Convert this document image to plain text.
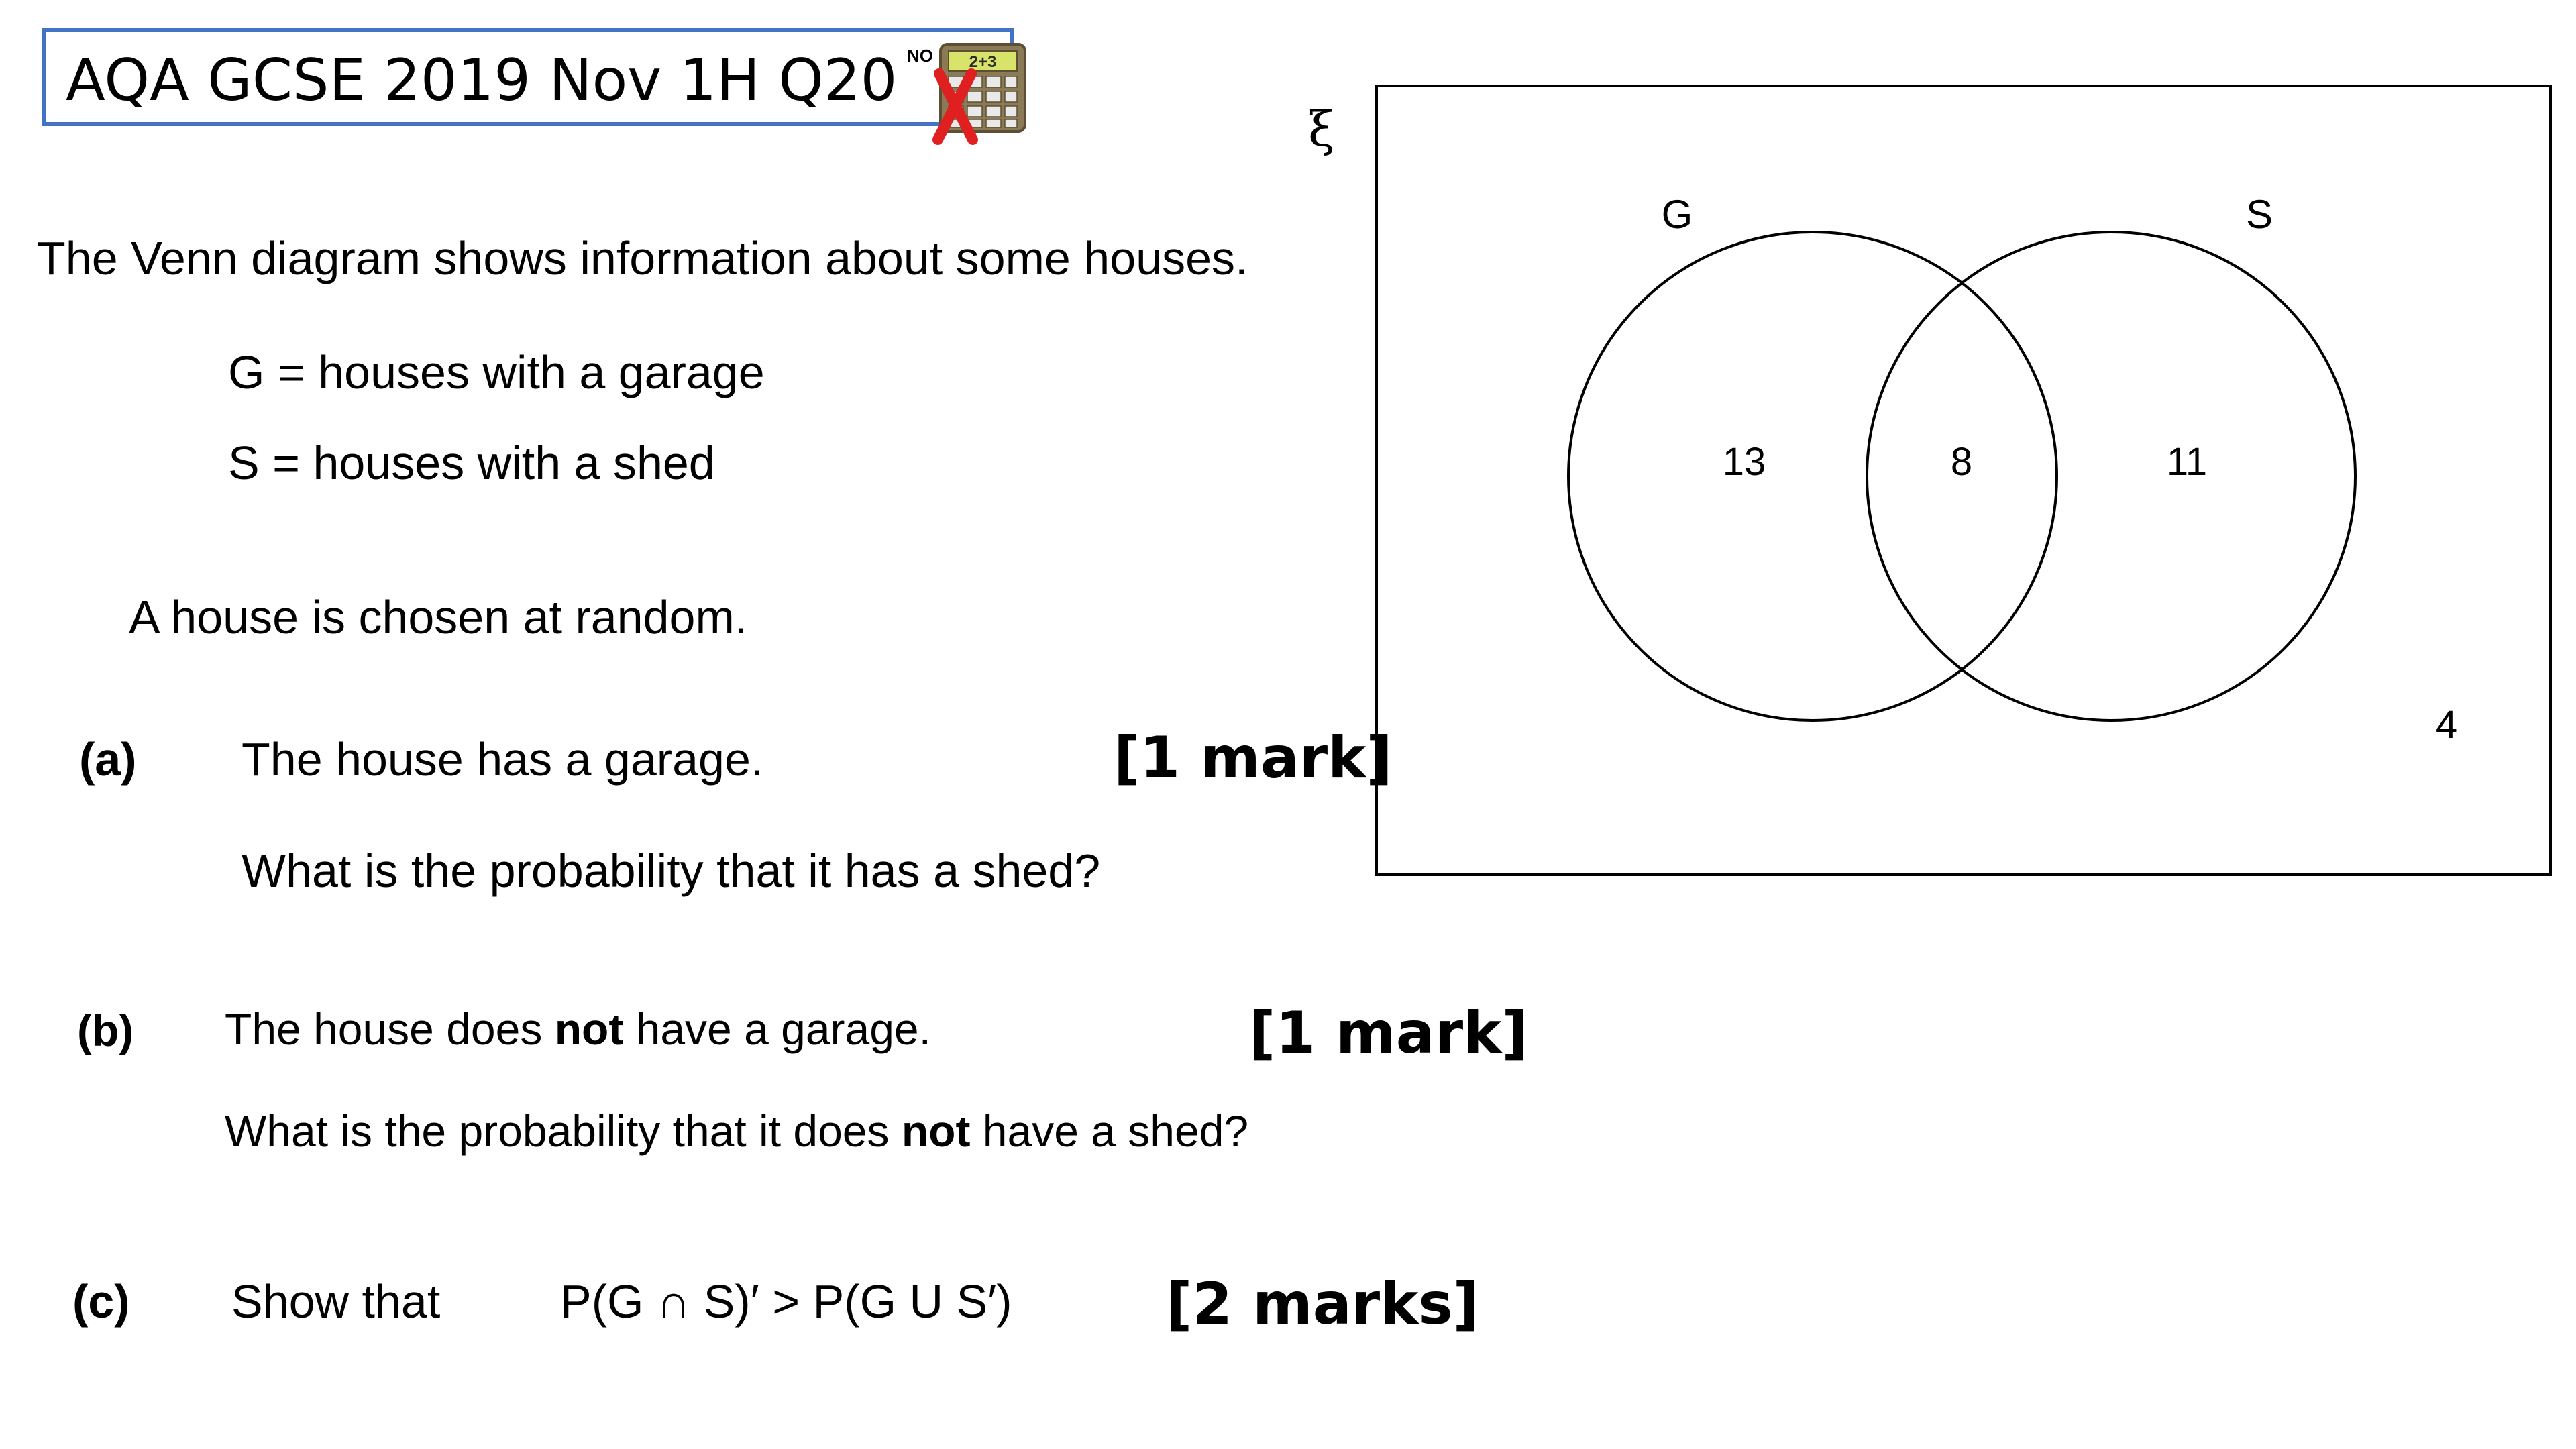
AQA GCSE 2019 Nov 1H Q20 NO 2+3
The Venn diagram shows information about some houses.
G = houses with a garage
S = houses with a shed
A house is chosen at random.
(a) The house has a garage.	[1 mark]
What is the probability that it has a shed?
(b) The house does not have a garage.	[1 mark]
What is the probability that it does not have a shed?
(c) Show that	P(G ∩ S)′ > P(G U S′)	[2 marks]
ξ
G	S
13	8	11
4
